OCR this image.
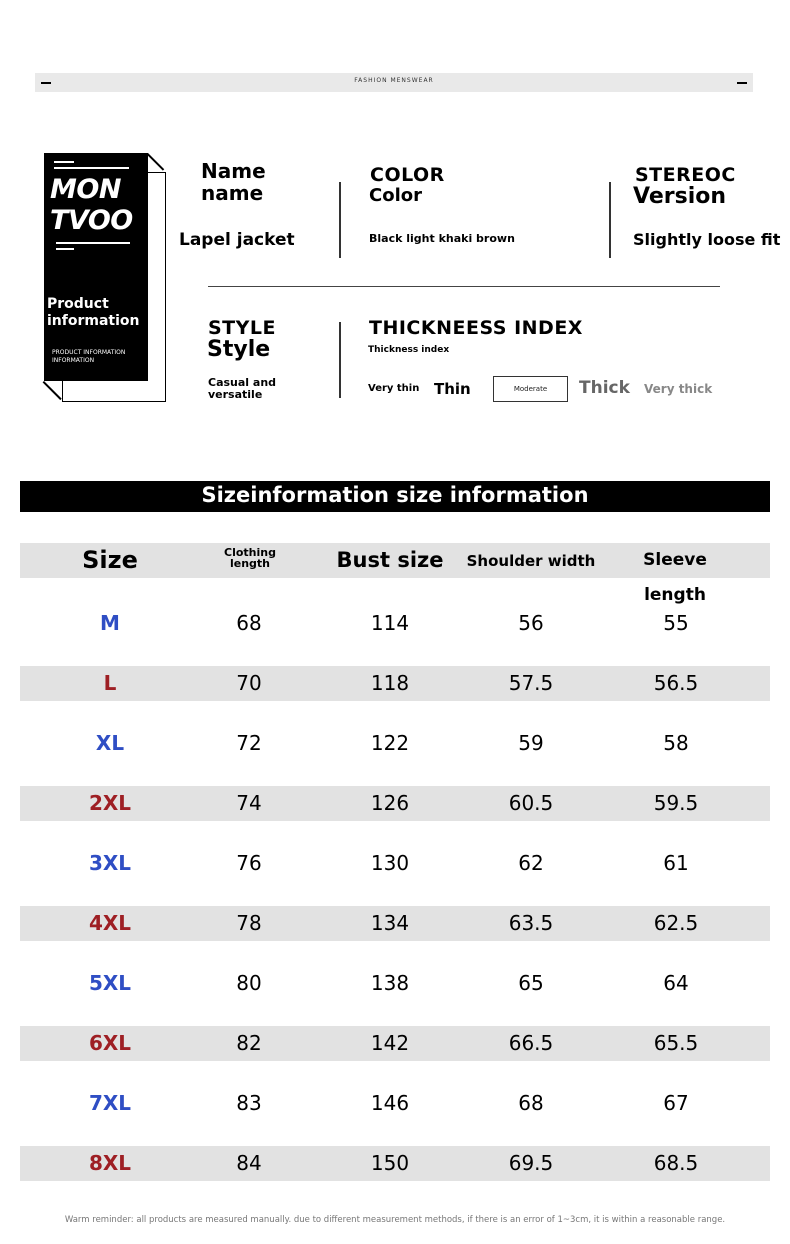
FASHION MENSWEAR
MON
TVOO
Product information
PRODUCT INFORMATION INFORMATION
Name
name
Lapel jacket
COLOR
Color
Black light khaki brown
STEREOC
Version
Slightly loose fit
STYLE
Style
Casual and versatile
THICKNEESS INDEX
Thickness index
Very thin Thin	Moderate	Thick Very thick
Sizeinformation size information
Size	Clothing length	Bust size	Shoulder width	Sleeve length
M	68	114	56	55
L	70	118	57.5	56.5
XL	72	122	59	58
2XL	74	126	60.5	59.5
3XL	76	130	62	61
4XL	78	134	63.5	62.5
5XL	80	138	65	64
6XL	82	142	66.5	65.5
7XL	83	146	68	67
8XL	84	150	69.5	68.5
Warm reminder: all products are measured manually. due to different measurement methods, if there is an error of 1~3cm, it is within a reasonable range.
